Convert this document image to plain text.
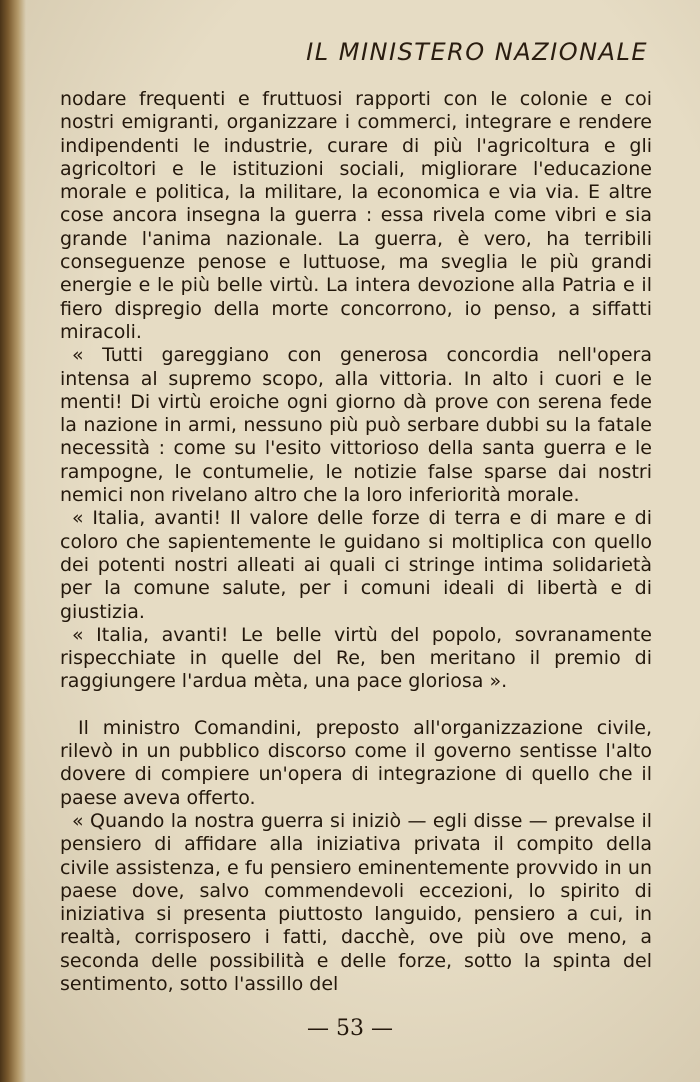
IL MINISTERO NAZIONALE

nodare frequenti e fruttuosi rapporti con le colonie e coi nostri emigranti, organizzare i commerci, integrare e rendere indipendenti le industrie, curare di più l'agricoltura e gli agricoltori e le istituzioni sociali, migliorare l'educazione morale e politica, la militare, la economica e via via. E altre cose ancora insegna la guerra : essa rivela come vibri e sia grande l'anima nazionale. La guerra, è vero, ha terribili conseguenze penose e luttuose, ma sveglia le più grandi energie e le più belle virtù. La intera devozione alla Patria e il fiero dispregio della morte concorrono, io penso, a siffatti miracoli.

« Tutti gareggiano con generosa concordia nell'opera intensa al supremo scopo, alla vittoria. In alto i cuori e le menti! Di virtù eroiche ogni giorno dà prove con serena fede la nazione in armi, nessuno più può serbare dubbi su la fatale necessità : come su l'esito vittorioso della santa guerra e le rampogne, le contumelie, le notizie false sparse dai nostri nemici non rivelano altro che la loro inferiorità morale.

« Italia, avanti! Il valore delle forze di terra e di mare e di coloro che sapientemente le guidano si moltiplica con quello dei potenti nostri alleati ai quali ci stringe intima solidarietà per la comune salute, per i comuni ideali di libertà e di giustizia.

« Italia, avanti! Le belle virtù del popolo, sovranamente rispecchiate in quelle del Re, ben meritano il premio di raggiungere l'ardua mèta, una pace gloriosa ».

Il ministro Comandini, preposto all'organizzazione civile, rilevò in un pubblico discorso come il governo sentisse l'alto dovere di compiere un'opera di integrazione di quello che il paese aveva offerto.

« Quando la nostra guerra si iniziò — egli disse — prevalse il pensiero di affidare alla iniziativa privata il compito della civile assistenza, e fu pensiero eminentemente provvido in un paese dove, salvo commendevoli eccezioni, lo spirito di iniziativa si presenta piuttosto languido, pensiero a cui, in realtà, corrisposero i fatti, dacchè, ove più ove meno, a seconda delle possibilità e delle forze, sotto la spinta del sentimento, sotto l'assillo del

— 53 —
